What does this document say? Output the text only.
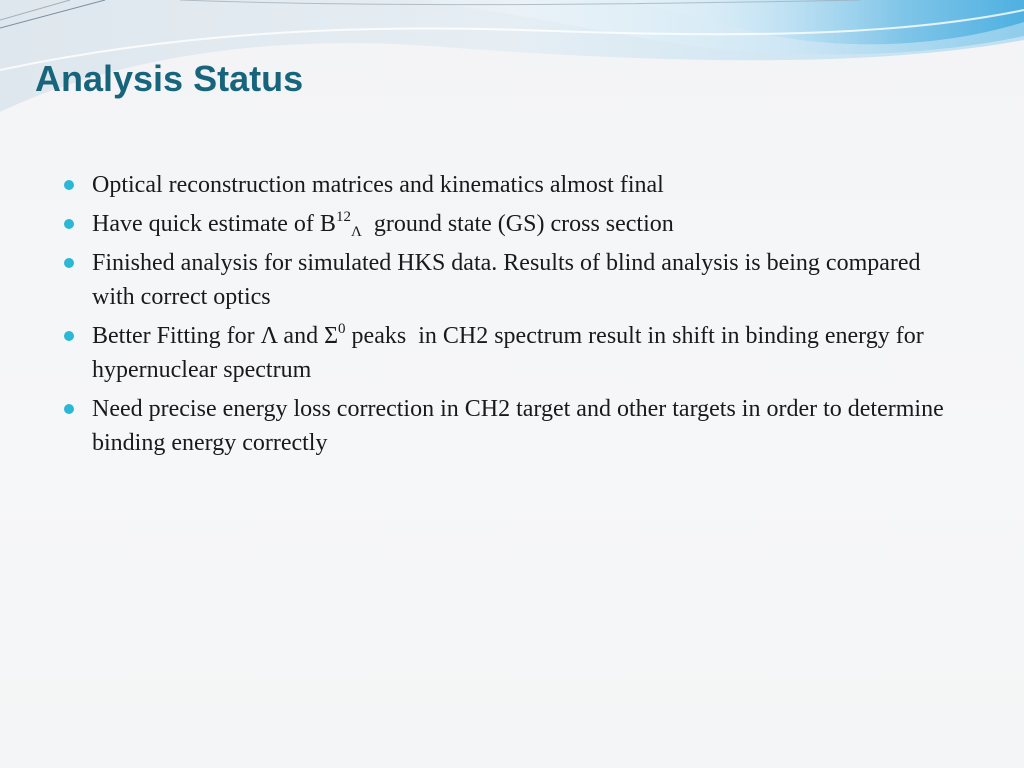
Analysis Status
Optical reconstruction matrices and kinematics almost final
Have quick estimate of $B^{12}_\Lambda$  ground state (GS) cross section
Finished analysis for simulated HKS data. Results of blind analysis is being compared with correct optics
Better Fitting for Λ and $\Sigma^0$ peaks  in CH2 spectrum result in shift in binding energy for hypernuclear spectrum
Need precise energy loss correction in CH2 target and other targets in order to determine binding energy correctly
